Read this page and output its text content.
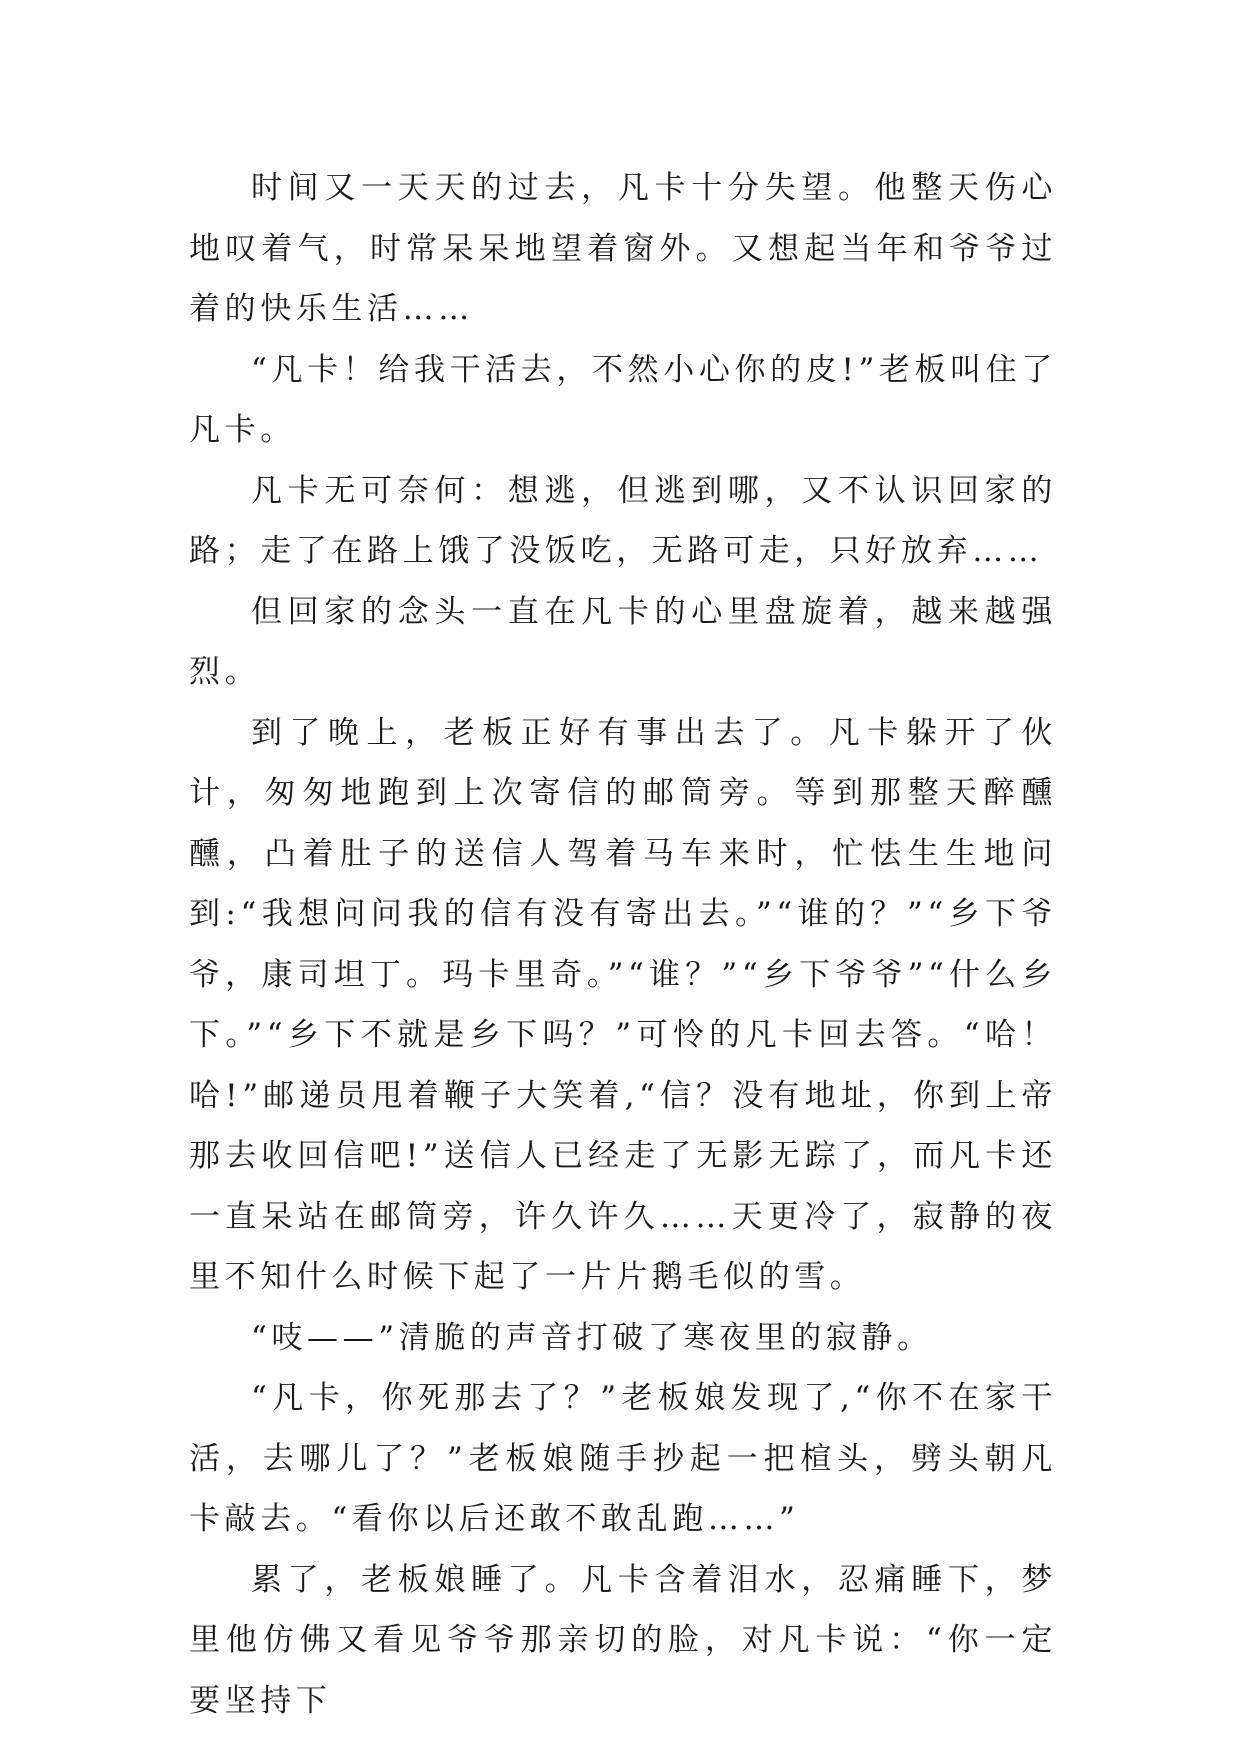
时间又一天天的过去，凡卡十分失望。他整天伤心地叹着气，时常呆呆地望着窗外。又想起当年和爷爷过着的快乐生活……

“凡卡！给我干活去，不然小心你的皮!”老板叫住了凡卡。

凡卡无可奈何：想逃，但逃到哪，又不认识回家的路；走了在路上饿了没饭吃，无路可走，只好放弃……

但回家的念头一直在凡卡的心里盘旋着，越来越强烈。

到了晚上，老板正好有事出去了。凡卡躲开了伙计，匆匆地跑到上次寄信的邮筒旁。等到那整天醉醺醺，凸着肚子的送信人驾着马车来时，忙怯生生地问到:“我想问问我的信有没有寄出去。”“谁的？”“乡下爷爷，康司坦丁。玛卡里奇。”“谁？”“乡下爷爷”“什么乡下。”“乡下不就是乡下吗？”可怜的凡卡回去答。“哈！哈!”邮递员甩着鞭子大笑着,“信？没有地址，你到上帝那去收回信吧!”送信人已经走了无影无踪了，而凡卡还一直呆站在邮筒旁，许久许久……天更冷了，寂静的夜里不知什么时候下起了一片片鹅毛似的雪。

“吱——”清脆的声音打破了寒夜里的寂静。

“凡卡，你死那去了？”老板娘发现了,“你不在家干活，去哪儿了？”老板娘随手抄起一把楦头，劈头朝凡卡敲去。“看你以后还敢不敢乱跑……”

累了，老板娘睡了。凡卡含着泪水，忍痛睡下，梦里他仿佛又看见爷爷那亲切的脸，对凡卡说：“你一定要坚持下
